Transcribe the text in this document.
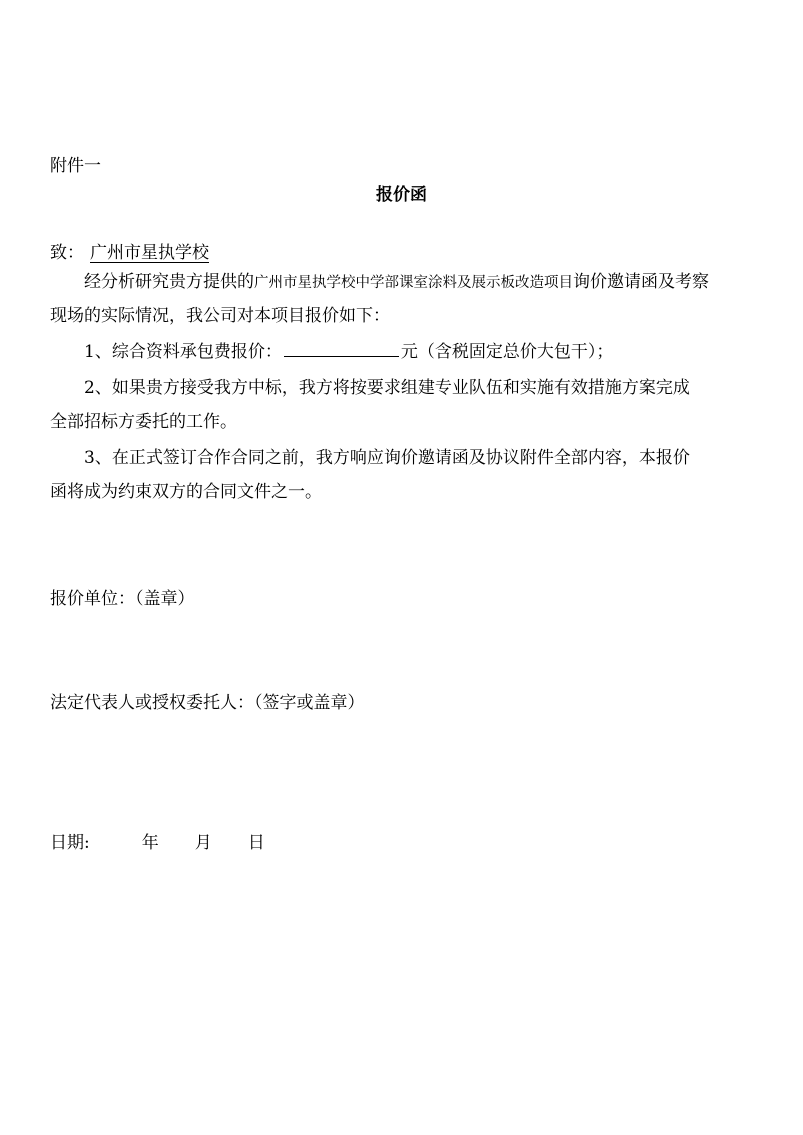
附件一
报价函
致： 广州市星执学校
经分析研究贵方提供的广州市星执学校中学部课室涂料及展示板改造项目询价邀请函及考察
现场的实际情况，我公司对本项目报价如下：
1、综合资料承包费报价：	元（含税固定总价大包干）；
2、如果贵方接受我方中标，我方将按要求组建专业队伍和实施有效措施方案完成
全部招标方委托的工作。
3、在正式签订合作合同之前，我方响应询价邀请函及协议附件全部内容，本报价
函将成为约束双方的合同文件之一。
报价单位：（盖章）
法定代表人或授权委托人：（签字或盖章）
日期:	年 月 日
